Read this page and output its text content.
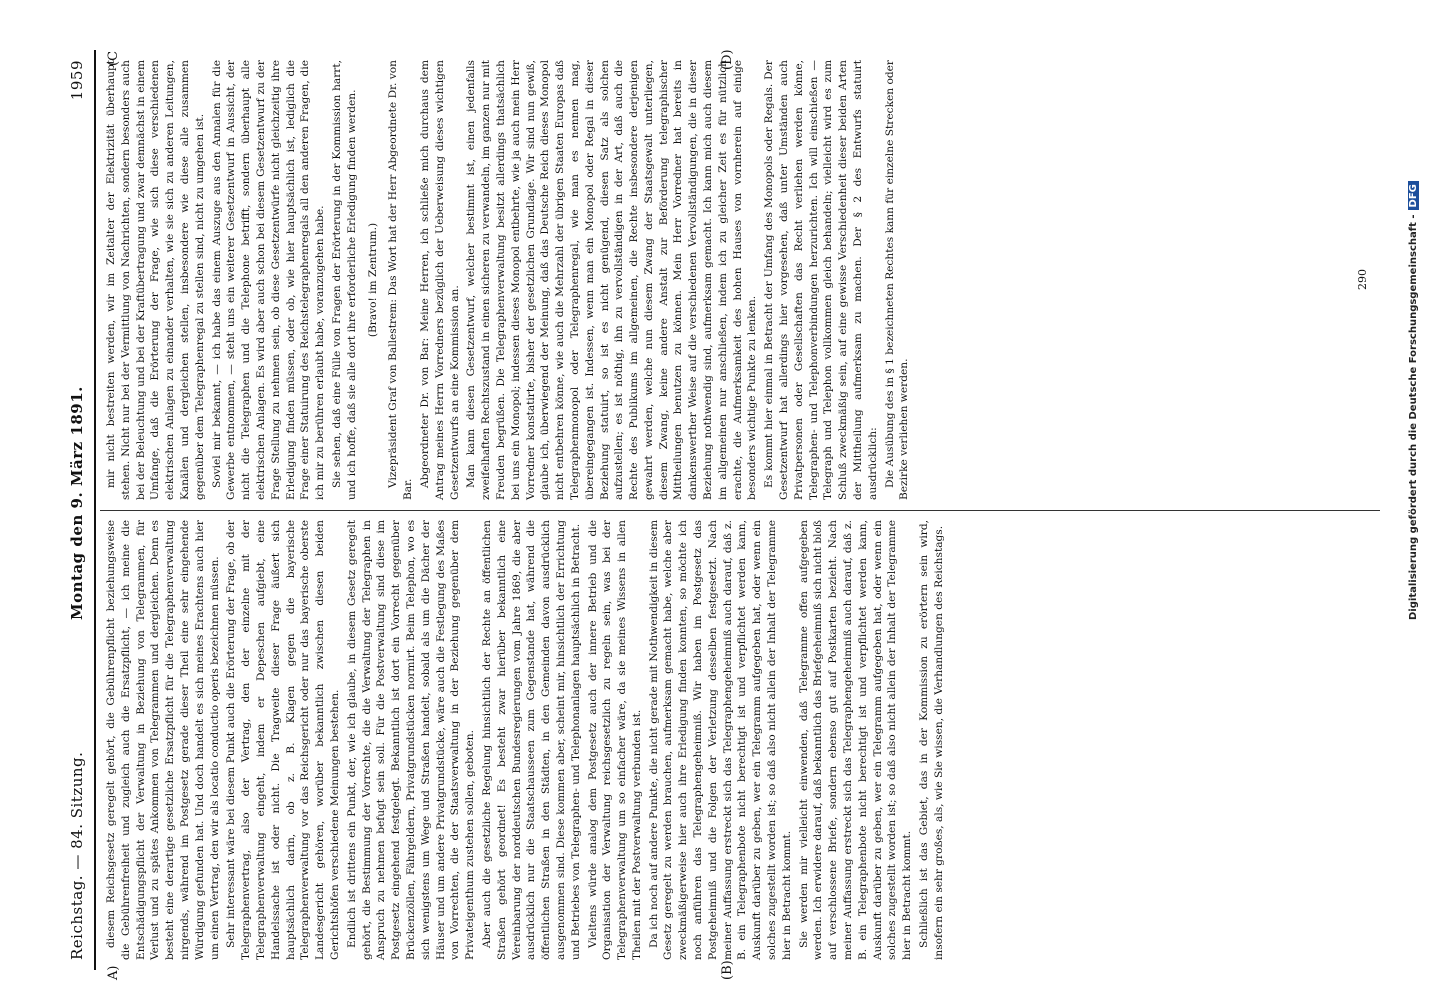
Reichstag. — 84. Sitzung.
Montag den 9. März 1891.
1959
A)	(B)
(C	(D)

diesem Reichsgesetz geregelt gehört, die Gebührenpflicht beziehungsweise die Gebührenfreiheit und zugleich auch die Ersatzpflicht, — ich meine die Entschädigungspflicht der Verwaltung in Beziehung von Telegrammen, für Verlust und zu spätes Ankommen von Telegrammen und dergleichen. Denn es besteht eine derartige gesetzliche Ersatzpflicht für die Telegraphenverwaltung nirgends, während im Postgesetz gerade dieser Theil eine sehr eingehende Würdigung gefunden hat. Und doch handelt es sich meines Erachtens auch hier um einen Vertrag, den wir als locatio conductio operis bezeichnen müssen. Sehr interessant wäre bei diesem Punkt auch die Erörterung der Frage, ob der Telegraphenvertrag, also der Vertrag, den der einzelne mit der Telegraphenverwaltung eingeht, indem er Depeschen aufgiebt, eine Handelssache ist oder nicht. Die Tragweite dieser Frage äußert sich hauptsächlich darin, ob z. B. Klagen gegen die bayerische Telegraphenverwaltung vor das Reichsgericht oder nur das bayerische oberste Landesgericht gehören, worüber bekanntlich zwischen diesen beiden Gerichtshöfen verschiedene Meinungen bestehen. Endlich ist drittens ein Punkt, der, wie ich glaube, in diesem Gesetz geregelt gehört, die Bestimmung der Vorrechte, die die Verwaltung der Telegraphen in Anspruch zu nehmen befugt sein soll. Für die Postverwaltung sind diese im Postgesetz eingehend festgelegt. Bekanntlich ist dort ein Vorrecht gegenüber Brückenzöllen, Fährgeldern, Privatgrundstücken normirt. Beim Telephon, wo es sich wenigstens um Wege und Straßen handelt, sobald als um die Dächer der Häuser und um andere Privatgrundstücke, wäre auch die Festlegung des Maßes von Vorrechten, die der Staatsverwaltung in der Beziehung gegenüber dem Privateigenthum zustehen sollen, geboten. Aber auch die gesetzliche Regelung hinsichtlich der Rechte an öffentlichen Straßen gehört geordnet! Es besteht zwar hierüber bekanntlich eine Vereinbarung der norddeutschen Bundesregierungen vom Jahre 1869, die aber ausdrücklich nur die Staatschausseen zum Gegenstande hat, während die öffentlichen Straßen in den Städten, in den Gemeinden davon ausdrücklich ausgenommen sind. Diese kommen aber, scheint mir, hinsichtlich der Errichtung und Betriebes von Telegraphen- und Telephonanlagen hauptsächlich in Betracht. Vieltens würde analog dem Postgesetz auch der innere Betrieb und die Organisation der Verwaltung reichsgesetzlich zu regeln sein, was bei der Telegraphenverwaltung um so einfacher wäre, da sie meines Wissens in allen Theilen mit der Postverwaltung verbunden ist. Da ich noch auf andere Punkte, die nicht gerade mit Nothwendigkeit in diesem Gesetz geregelt zu werden brauchen, aufmerksam gemacht habe, welche aber zweckmäßigerweise hier auch ihre Erledigung finden konnten, so möchte ich noch anführen das Telegraphengeheimniß. Wir haben im Postgesetz das Postgeheimniß und die Folgen der Verletzung desselben festgesetzt. Nach meiner Auffassung erstreckt sich das Telegraphengeheimniß auch darauf, daß z. B. ein Telegraphenbote nicht berechtigt ist und verpflichtet werden kann, Auskunft darüber zu geben, wer ein Telegramm aufgegeben hat, oder wenn ein solches zugestellt worden ist; so daß also nicht allein der Inhalt der Telegramme hier in Betracht kommt. Sie werden mir vielleicht einwenden, daß Telegramme offen aufgegeben werden. Ich erwidere darauf, daß bekanntlich das Briefgeheimniß sich nicht bloß auf verschlossene Briefe, sondern ebenso gut auf Postkarten bezieht. Nach meiner Auffassung erstreckt sich das Telegraphengeheimniß auch darauf, daß z. B. ein Telegraphenbote nicht berechtigt ist und verpflichtet werden kann, Auskunft darüber zu geben, wer ein Telegramm aufgegeben hat, oder wenn ein solches zugestellt worden ist; so daß also nicht allein der Inhalt der Telegramme hier in Betracht kommt. Schließlich ist das Gebiet, das in der Kommission zu erörtern sein wird, insofern ein sehr großes, als, wie Sie wissen, die Verhandlungen des Reichstags.

mir nicht bestreiten werden, wir im Zeitalter der Elektrizität überhaupt stehen. Nicht nur bei der Vermittlung von Nachrichten, sondern besonders auch bei der Beleuchtung und bei der Kraftübertragung und zwar demnächst in einem Umfange, daß die Erörterung der Frage, wie sich diese verschiedenen elektrischen Anlagen zu einander verhalten, wie sie sich zu anderen Leitungen, Kanälen und dergleichen stellen, insbesondere wie diese alle zusammen gegenüber dem Telegraphenregal zu stellen sind, nicht zu umgehen ist. Soviel mir bekannt, — ich habe das einem Auszuge aus den Annalen für die Gewerbe entnommen, — steht uns ein weiterer Gesetzentwurf in Aussicht, der nicht die Telegraphen und die Telephone betrifft, sondern überhaupt alle elektrischen Anlagen. Es wird aber auch schon bei diesem Gesetzentwurf zu der Frage Stellung zu nehmen sein, ob diese Gesetzentwürfe nicht gleichzeitig ihre Erledigung finden müssen, oder ob, wie hier hauptsächlich ist, lediglich die Frage einer Statuirung des Reichstelegraphenregals all den anderen Fragen, die ich mir zu berühren erlaubt habe, voranzugehen habe. Sie sehen, daß eine Fülle von Fragen der Erörterung in der Kommission harrt, und ich hoffe, daß sie alle dort ihre erforderliche Erledigung finden werden. (Bravo! im Zentrum.) Vizepräsident Graf von Ballestrem: Das Wort hat der Herr Abgeordnete Dr. von Bar.

Abgeordneter Dr. von Bar: Meine Herren, ich schließe mich durchaus dem Antrag meines Herrn Vorredners bezüglich der Ueberweisung dieses wichtigen Gesetzentwurfs an eine Kommission an. Man kann diesen Gesetzentwurf, welcher bestimmt ist, einen jedenfalls zweifelhaften Rechtszustand in einen sicheren zu verwandeln, im ganzen nur mit Freuden begrüßen. Die Telegraphenverwaltung besitzt allerdings thatsächlich bei uns ein Monopol; indessen dieses Monopol entbehrte, wie ja auch mein Herr Vorredner konstatirte, bisher der gesetzlichen Grundlage. Wir sind nun gewiß, glaube ich, überwiegend der Meinung, daß das Deutsche Reich dieses Monopol nicht entbehren könne, wie auch die Mehrzahl der übrigen Staaten Europas daß Telegraphenmonopol oder Telegraphenregal, wie man es nennen mag, übereingegangen ist. Indessen, wenn man ein Monopol oder Regal in dieser Beziehung statuirt, so ist es nicht genügend, diesen Satz als solchen aufzustellen; es ist nöthig, ihn zu vervollständigen in der Art, daß auch die Rechte des Publikums im allgemeinen, die Rechte insbesondere derjenigen gewahrt werden, welche nun diesem Zwang der Staatsgewalt unterliegen, diesem Zwang, keine andere Anstalt zur Beförderung telegraphischer Mittheilungen benutzen zu können. Mein Herr Vorredner hat bereits in dankenswerther Weise auf die verschiedenen Vervollständigungen, die in dieser Beziehung nothwendig sind, aufmerksam gemacht. Ich kann mich auch diesem im allgemeinen nur anschließen, indem ich zu gleicher Zeit es für nützlich erachte, die Aufmerksamkeit des hohen Hauses von vornherein auf einige besonders wichtige Punkte zu lenken. Es kommt hier einmal in Betracht der Umfang des Monopols oder Regals. Der Gesetzentwurf hat allerdings hier vorgesehen, daß unter Umständen auch Privatpersonen oder Gesellschaften das Recht verliehen werden könne, Telegraphen- und Telephonverbindungen herzurichten. Ich will einschießen — Telegraph und Telephon vollkommen gleich behandeln; vielleicht wird es zum Schluß zweckmäßig sein, auf eine gewisse Verschiedenheit dieser beiden Arten der Mittheilung aufmerksam zu machen. Der § 2 des Entwurfs statuirt ausdrücklich: Die Ausübung des in § 1 bezeichneten Rechtes kann für einzelne Strecken oder Bezirke verliehen werden.

290	Digitalisierung gefördert durch die Deutsche Forschungsgemeinschaft -DFG
